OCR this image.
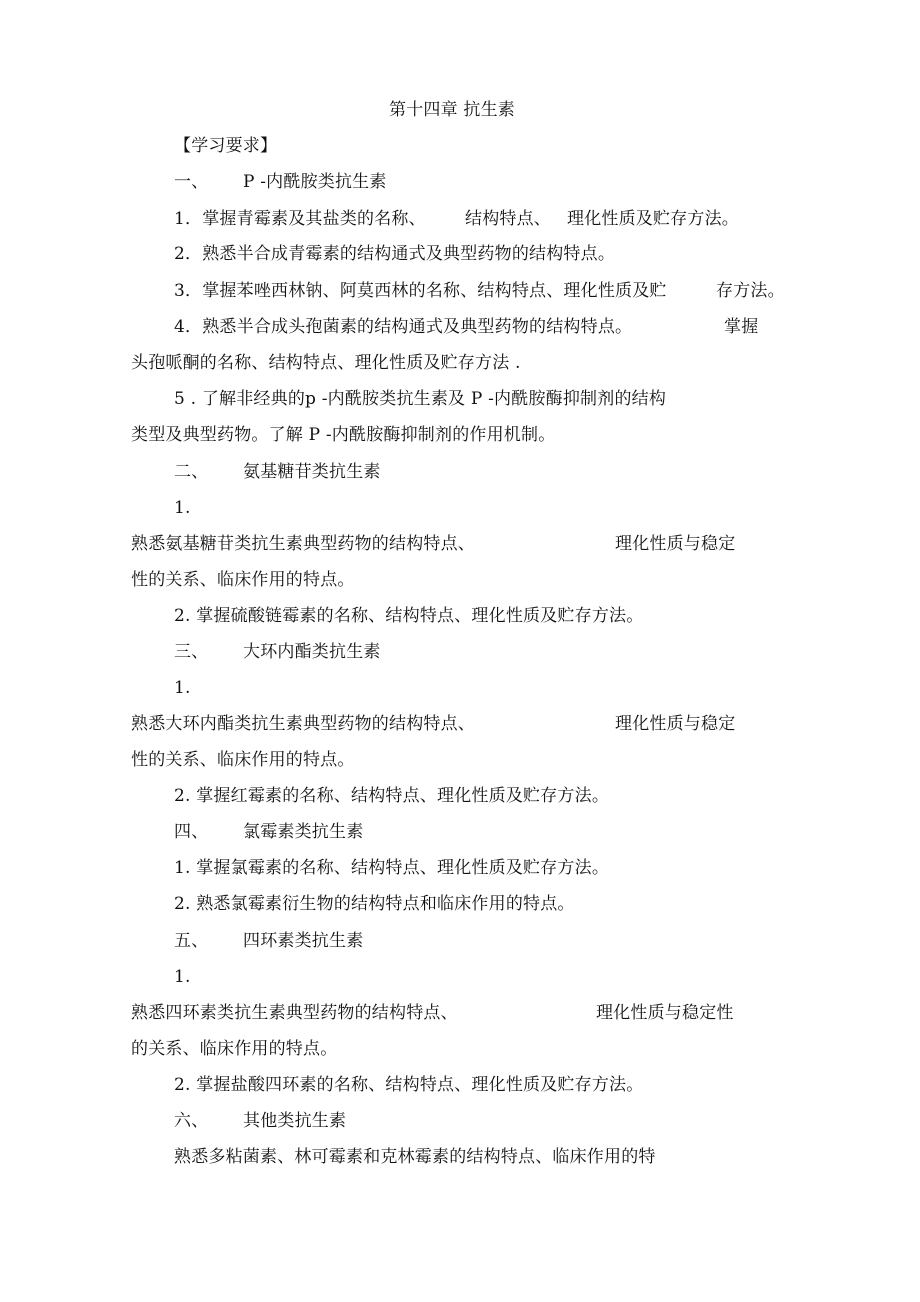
第十四章 抗生素

【学习要求】

一、 Ρ -内酰胺类抗生素

1．掌握青霉素及其盐类的名称、 结构特点、 理化性质及贮存方法。

2．熟悉半合成青霉素的结构通式及典型药物的结构特点。

3．掌握苯唑西林钠、阿莫西林的名称、结构特点、理化性质及贮	存方法。

4．熟悉半合成头孢菌素的结构通式及典型药物的结构特点。	掌握

头孢哌酮的名称、结构特点、理化性质及贮存方法 .

5 . 了解非经典的p -内酰胺类抗生素及 Ρ -内酰胺酶抑制剂的结构

类型及典型药物。了解 Ρ -内酰胺酶抑制剂的作用机制。

二、 氨基糖苷类抗生素

1.

熟悉氨基糖苷类抗生素典型药物的结构特点、	理化性质与稳定

性的关系、临床作用的特点。

2. 掌握硫酸链霉素的名称、结构特点、理化性质及贮存方法。

三、 大环内酯类抗生素

1.

熟悉大环内酯类抗生素典型药物的结构特点、	理化性质与稳定

性的关系、临床作用的特点。

2. 掌握红霉素的名称、结构特点、理化性质及贮存方法。

四、 氯霉素类抗生素

1. 掌握氯霉素的名称、结构特点、理化性质及贮存方法。

2. 熟悉氯霉素衍生物的结构特点和临床作用的特点。

五、 四环素类抗生素

1.

熟悉四环素类抗生素典型药物的结构特点、	理化性质与稳定性

的关系、临床作用的特点。

2. 掌握盐酸四环素的名称、结构特点、理化性质及贮存方法。

六、 其他类抗生素

熟悉多粘菌素、林可霉素和克林霉素的结构特点、临床作用的特
